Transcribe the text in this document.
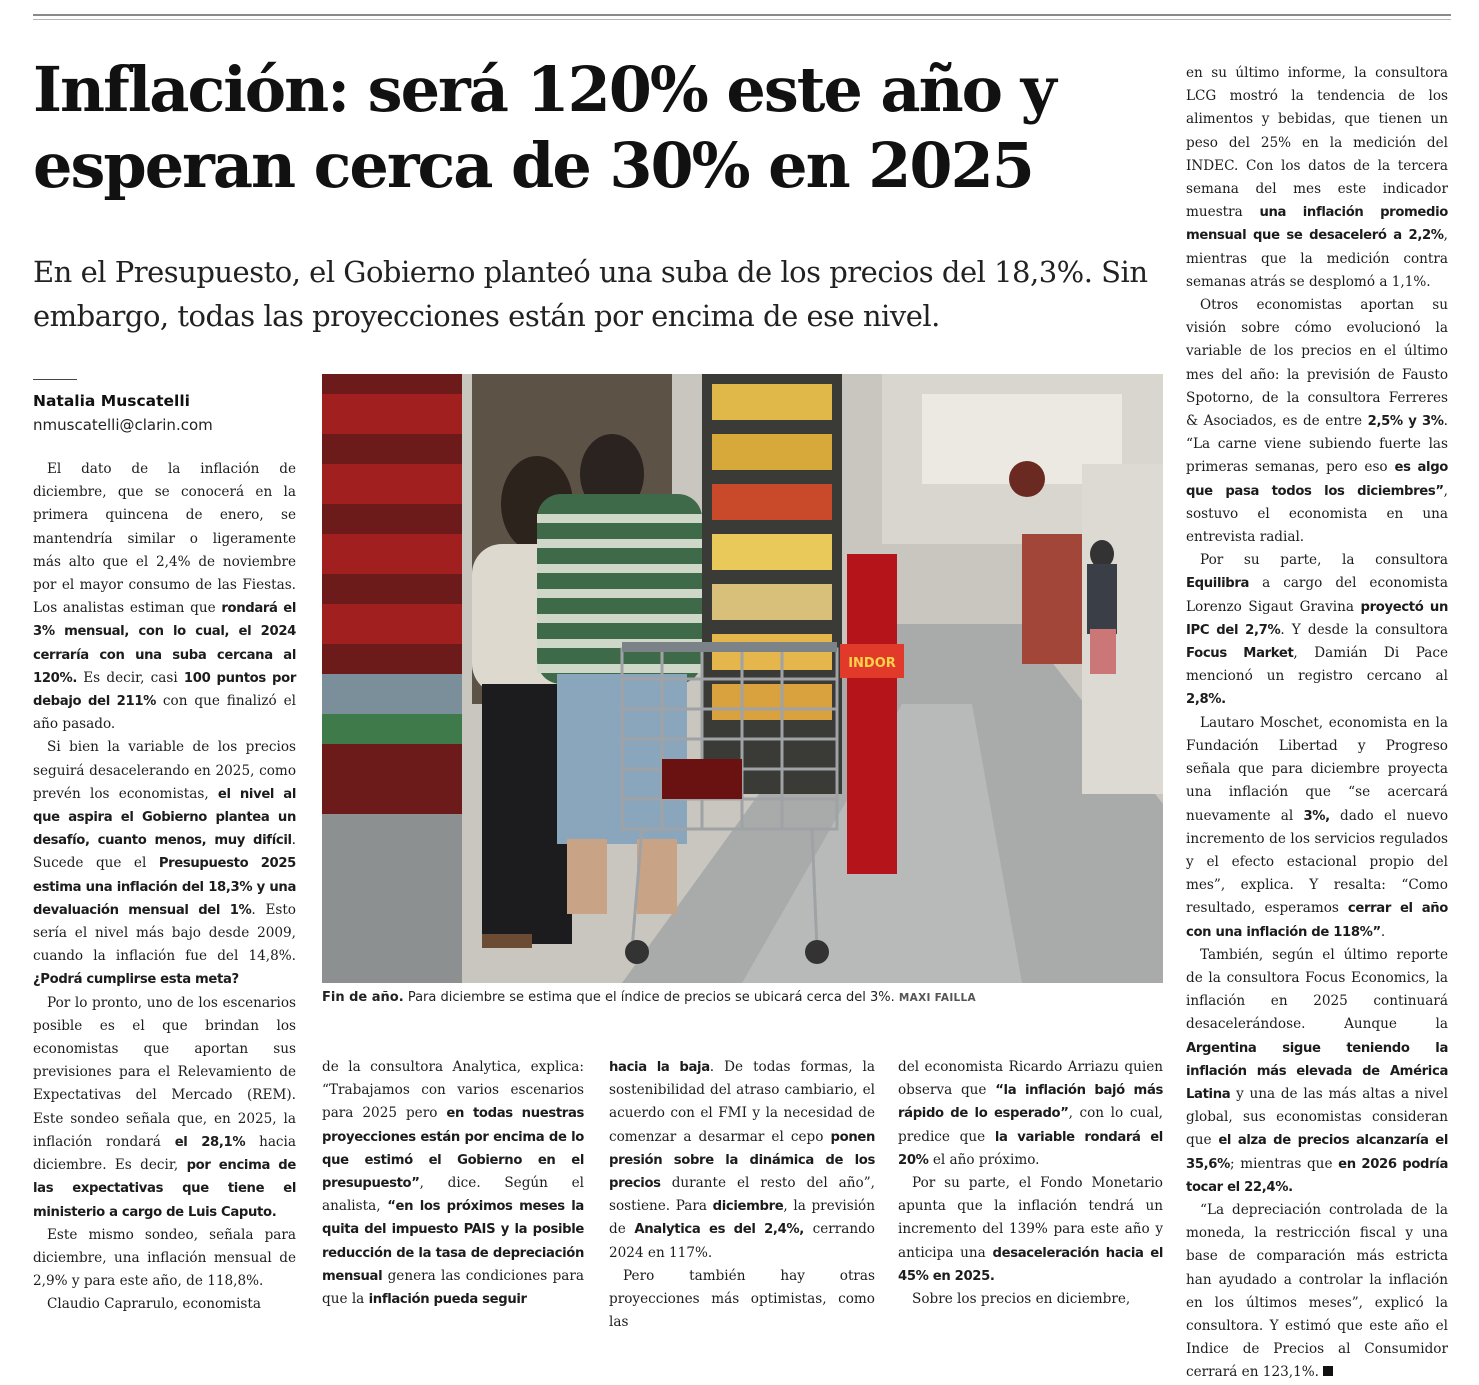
Inflación: será 120% este año y esperan cerca de 30% en 2025

En el Presupuesto, el Gobierno planteó una suba de los precios del 18,3%. Sin embargo, todas las proyecciones están por encima de ese nivel.

Natalia Muscatelli
nmuscatelli@clarin.com

El dato de la inflación de diciembre, que se conocerá en la primera quincena de enero, se mantendría similar o ligeramente más alto que el 2,4% de noviembre por el mayor consumo de las Fiestas. Los analistas estiman que rondará el 3% mensual, con lo cual, el 2024 cerraría con una suba cercana al 120%. Es decir, casi 100 puntos por debajo del 211% con que finalizó el año pasado.

Si bien la variable de los precios seguirá desacelerando en 2025, como prevén los economistas, el nivel al que aspira el Gobierno plantea un desafío, cuanto menos, muy difícil. Sucede que el Presupuesto 2025 estima una inflación del 18,3% y una devaluación mensual del 1%. Esto sería el nivel más bajo desde 2009, cuando la inflación fue del 14,8%. ¿Podrá cumplirse esta meta?

Por lo pronto, uno de los escenarios posible es el que brindan los economistas que aportan sus previsiones para el Relevamiento de Expectativas del Mercado (REM). Este sondeo señala que, en 2025, la inflación rondará el 28,1% hacia diciembre. Es decir, por encima de las expectativas que tiene el ministerio a cargo de Luis Caputo.

Este mismo sondeo, señala para diciembre, una inflación mensual de 2,9% y para este año, de 118,8%.

Claudio Caprarulo, economista

INDOR
Fin de año. Para diciembre se estima que el índice de precios se ubicará cerca del 3%. MAXI FAILLA

de la consultora Analytica, explica: “Trabajamos con varios escenarios para 2025 pero en todas nuestras proyecciones están por encima de lo que estimó el Gobierno en el presupuesto”, dice. Según el analista, “en los próximos meses la quita del impuesto PAIS y la posible reducción de la tasa de depreciación mensual genera las condiciones para que la inflación pueda seguir

hacia la baja. De todas formas, la sostenibilidad del atraso cambiario, el acuerdo con el FMI y la necesidad de comenzar a desarmar el cepo ponen presión sobre la dinámica de los precios durante el resto del año”, sostiene. Para diciembre, la previsión de Analytica es del 2,4%, cerrando 2024 en 117%.

Pero también hay otras proyecciones más optimistas, como las

del economista Ricardo Arriazu quien observa que “la inflación bajó más rápido de lo esperado”, con lo cual, predice que la variable rondará el 20% el año próximo.

Por su parte, el Fondo Monetario apunta que la inflación tendrá un incremento del 139% para este año y anticipa una desaceleración hacia el 45% en 2025.

Sobre los precios en diciembre,

en su último informe, la consultora LCG mostró la tendencia de los alimentos y bebidas, que tienen un peso del 25% en la medición del INDEC. Con los datos de la tercera semana del mes este indicador muestra una inflación promedio mensual que se desaceleró a 2,2%, mientras que la medición contra semanas atrás se desplomó a 1,1%.

Otros economistas aportan su visión sobre cómo evolucionó la variable de los precios en el último mes del año: la previsión de Fausto Spotorno, de la consultora Ferreres & Asociados, es de entre 2,5% y 3%. “La carne viene subiendo fuerte las primeras semanas, pero eso es algo que pasa todos los diciembres”, sostuvo el economista en una entrevista radial.

Por su parte, la consultora Equilibra a cargo del economista Lorenzo Sigaut Gravina proyectó un IPC del 2,7%. Y desde la consultora Focus Market, Damián Di Pace mencionó un registro cercano al 2,8%.

Lautaro Moschet, economista en la Fundación Libertad y Progreso señala que para diciembre proyecta una inflación que “se acercará nuevamente al 3%, dado el nuevo incremento de los servicios regulados y el efecto estacional propio del mes”, explica. Y resalta: “Como resultado, esperamos cerrar el año con una inflación de 118%”.

También, según el último reporte de la consultora Focus Economics, la inflación en 2025 continuará desacelerándose. Aunque la Argentina sigue teniendo la inflación más elevada de América Latina y una de las más altas a nivel global, sus economistas consideran que el alza de precios alcanzaría el 35,6%; mientras que en 2026 podría tocar el 22,4%.

“La depreciación controlada de la moneda, la restricción fiscal y una base de comparación más estricta han ayudado a controlar la inflación en los últimos meses”, explicó la consultora. Y estimó que este año el Indice de Precios al Consumidor cerrará en 123,1%.
